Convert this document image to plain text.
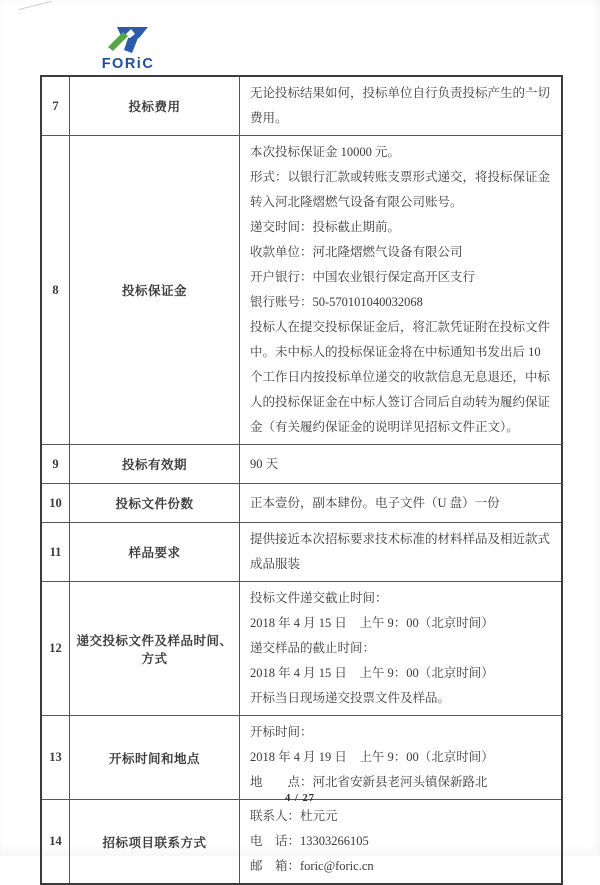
FORiC
7	投标费用	无论投标结果如何，投标单位自行负责投标产生的一切费用。

8	投标保证金	

本次投标保证金 10000 元。

形式：以银行汇款或转账支票形式递交，将投标保证金转入河北隆熠燃气设备有限公司账号。

递交时间：投标截止期前。

收款单位：河北隆熠燃气设备有限公司

开户银行：中国农业银行保定高开区支行

银行账号：50-570101040032068

投标人在提交投标保证金后，将汇款凭证附在投标文件中。未中标人的投标保证金将在中标通知书发出后 10 个工作日内按投标单位递交的收款信息无息退还，中标人的投标保证金在中标人签订合同后自动转为履约保证金（有关履约保证金的说明详见招标文件正文）。

9	投标有效期	90 天

10	投标文件份数	正本壹份，副本肆份。电子文件（U 盘）一份

11	样品要求	提供接近本次招标要求技术标准的材料样品及相近款式成品服装

12	递交投标文件及样品时间、方式	投标文件递交截止时间：

2018 年 4 月 15 日　上午 9：00（北京时间）

递交样品的截止时间：

2018 年 4 月 15 日　上午 9：00（北京时间）

开标当日现场递交投票文件及样品。

13	开标时间和地点	开标时间：

2018 年 4 月 19 日　上午 9：00（北京时间）

地　　点：河北省安新县老河头镇保新路北

14	招标项目联系方式	联系人：杜元元

电　话：13303266105

邮　箱：foric@foric.cn

4 / 27
